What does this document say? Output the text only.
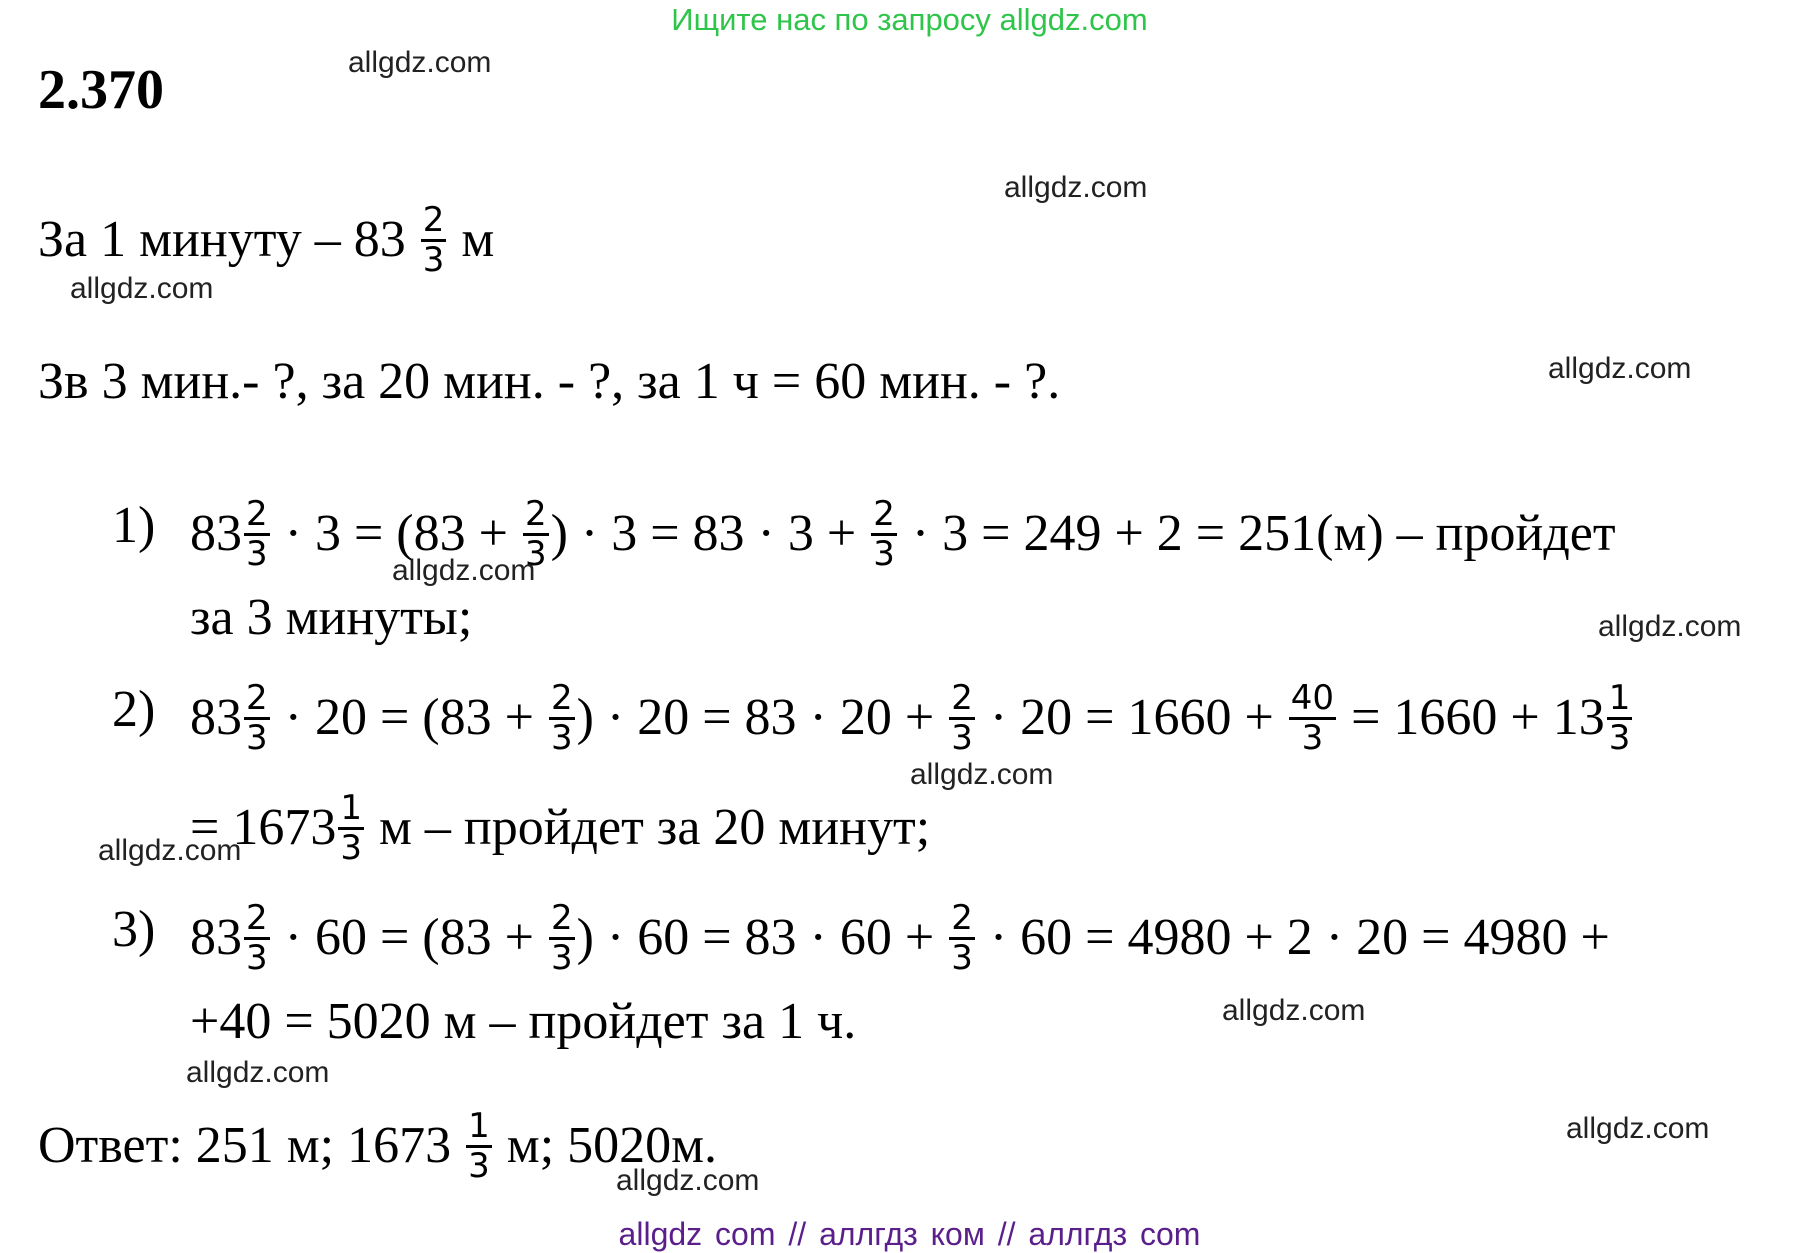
Ищите нас по запросу allgdz.com
2.370
За 1 минуту – $83 \frac{2}{3}$ м
Зв 3 мин.- ?, за 20 мин. - ?, за 1 ч = 60 мин. - ?.
1) $83 \frac{2}{3} \cdot 3 = (83 + \frac{2}{3}$ ) · $3 = 83 \cdot 3 + \frac{2}{3} \cdot 3 = 249 + 2 = 251(м)$ – пройдет
за 3 минуты;
2) $83 \frac{2}{3} \cdot 20 = (83 + \frac{2}{3}$ ) · $20 = 83 \cdot 20 + \frac{2}{3} \cdot 20 = 1660 + \frac{40}{3} = 1660 + 13 \frac{1}{3}$
= $1673 \frac{1}{3}$ м – пройдет за 20 минут;
3) $83 \frac{2}{3} \cdot 60 = (83 + \frac{2}{3}$ ) · $60 = 83 \cdot 60 + \frac{2}{3} \cdot 60 = 4980 + 2 \cdot 20 = 4980$ +
+40 = 5020 м – пройдет за 1 ч.
Ответ: 251 м; $1673 \frac{1}{3} м$; 5020м.
allgdz.com
allgdz.com
allgdz.com
allgdz.com
allgdz.com
allgdz.com
allgdz.com
allgdz.com
allgdz.com
allgdz.com
allgdz.com
allgdz.com
allgdz com // аллгдз ком // аллгдз com
